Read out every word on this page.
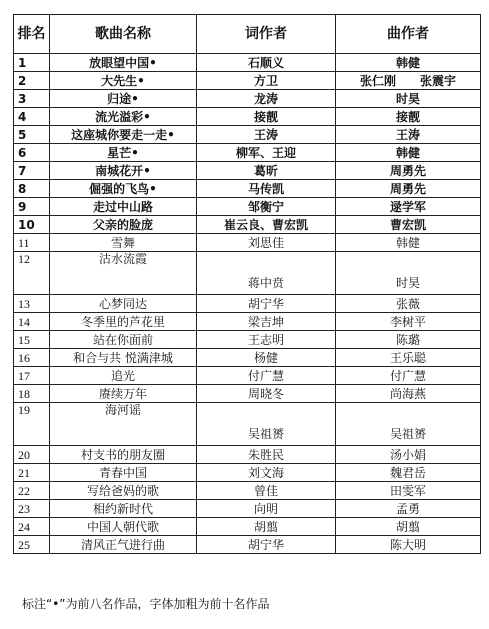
排名	歌曲名称	词作者	曲作者
1	放眼望中国•	石顺义	韩健
2	大先生•	方卫	张仁刚　　张震宇
3	归途•	龙涛	时昊
4	流光溢彩•	接靓	接靓
5	这座城你要走一走•	王涛	王涛
6	星芒•	柳军、王迎	韩健
7	南城花开•	葛昕	周勇先
8	倔强的飞鸟•	马传凯	周勇先
9	走过中山路	邹衡宁	逯学军
10	父亲的脸庞	崔云良、曹宏凯	曹宏凯
11	雪舞	刘思佳	韩健
12	沽水流霞	蒋中贲	时昊
13	心梦同达	胡宁华	张薇
14	冬季里的芦花里	梁吉坤	李树平
15	站在你面前	王志明	陈璐
16	和合与共 悦满津城	杨健	王乐聪
17	追光	付广慧	付广慧
18	赓续万年	周晓冬	尚海燕
19	海河谣	吴祖赟	吴祖赟
20	村支书的朋友圈	朱胜民	汤小娟
21	青春中国	刘文海	魏君岳
22	写给爸妈的歌	曾佳	田雯军
23	相约新时代	向明	孟勇
24	中国人朝代歌	胡翦	胡翦
25	清风正气进行曲	胡宁华	陈大明
标注“•”为前八名作品，字体加粗为前十名作品
